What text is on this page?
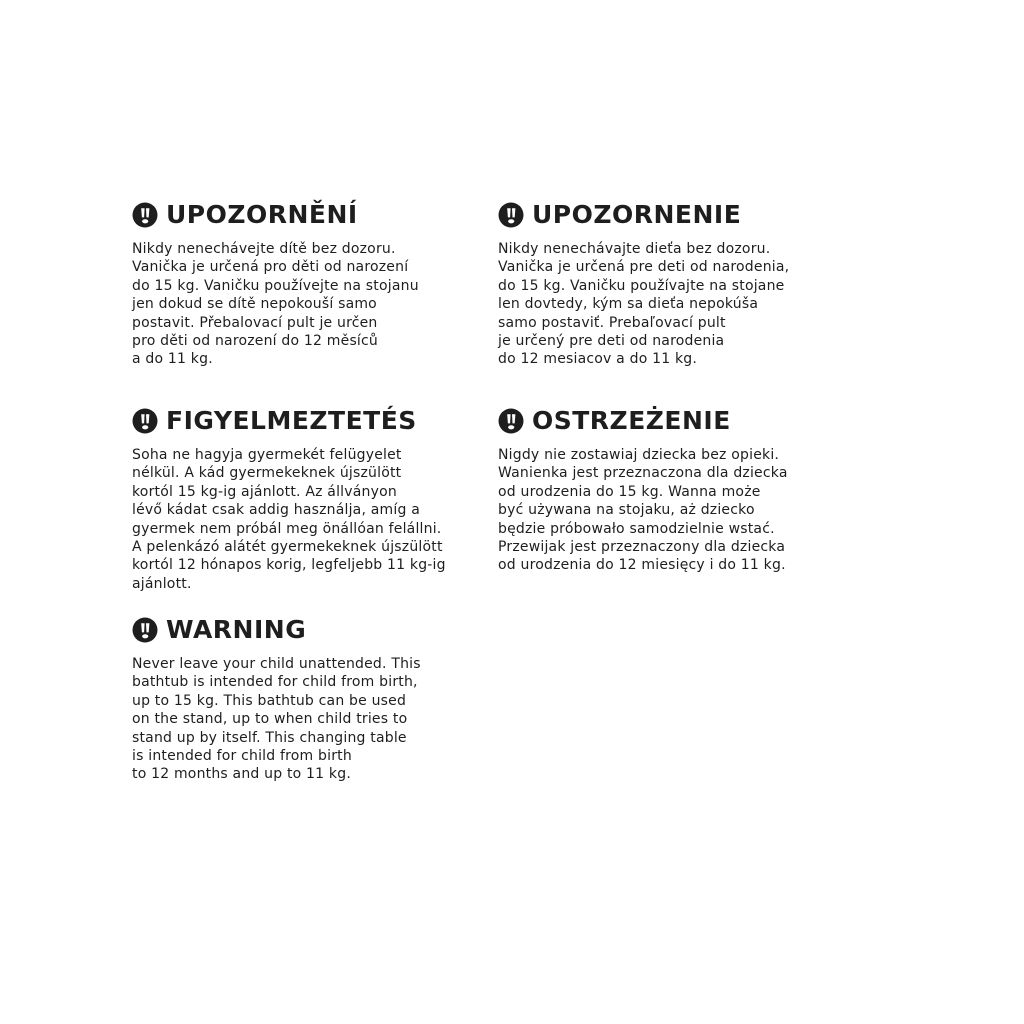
UPOZORNĚNÍ
Nikdy nenechávejte dítě bez dozoru.
Vanička je určená pro děti od narození
do 15 kg. Vaničku používejte na stojanu
jen dokud se dítě nepokouší samo
postavit. Přebalovací pult je určen
pro děti od narození do 12 měsíců
a do 11 kg.
UPOZORNENIE
Nikdy nenechávajte dieťa bez dozoru.
Vanička je určená pre deti od narodenia,
do 15 kg. Vaničku používajte na stojane
len dovtedy, kým sa dieťa nepokúša
samo postaviť. Prebaľovací pult
je určený pre deti od narodenia
do 12 mesiacov a do 11 kg.
FIGYELMEZTETÉS
Soha ne hagyja gyermekét felügyelet
nélkül. A kád gyermekeknek újszülött
kortól 15 kg-ig ajánlott. Az állványon
lévő kádat csak addig használja, amíg a
gyermek nem próbál meg önállóan felállni.
A pelenkázó alátét gyermekeknek újszülött
kortól 12 hónapos korig, legfeljebb 11 kg-ig
ajánlott.
OSTRZEŻENIE
Nigdy nie zostawiaj dziecka bez opieki.
Wanienka jest przeznaczona dla dziecka
od urodzenia do 15 kg. Wanna może
być używana na stojaku, aż dziecko
będzie próbowało samodzielnie wstać.
Przewijak jest przeznaczony dla dziecka
od urodzenia do 12 miesięcy i do 11 kg.
WARNING
Never leave your child unattended. This
bathtub is intended for child from birth,
up to 15 kg. This bathtub can be used
on the stand, up to when child tries to
stand up by itself. This changing table
is intended for child from birth
to 12 months and up to 11 kg.
